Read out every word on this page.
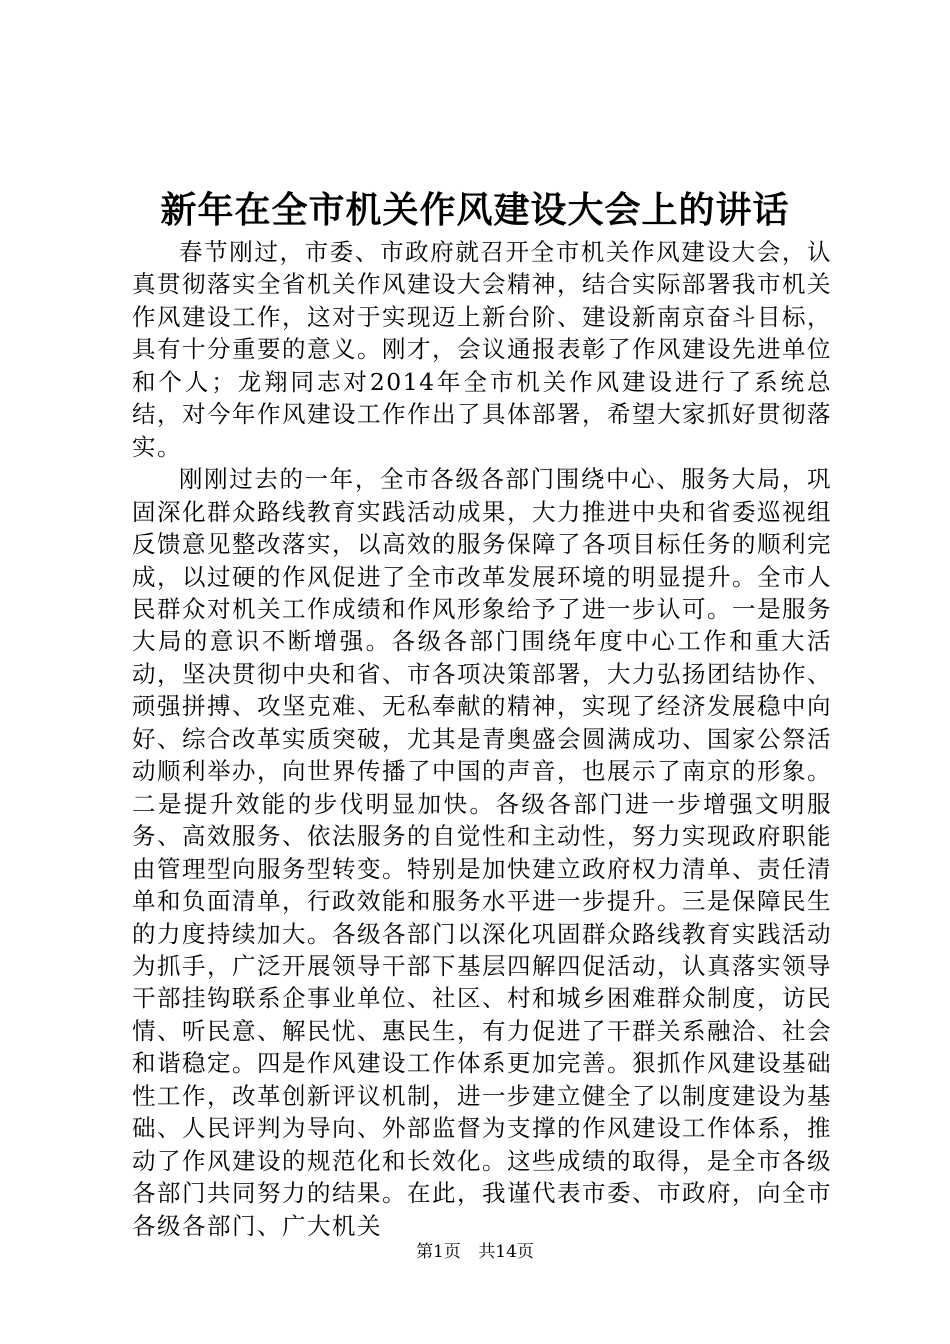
新年在全市机关作风建设大会上的讲话

春节刚过，市委、市政府就召开全市机关作风建设大会，认真贯彻落实全省机关作风建设大会精神，结合实际部署我市机关作风建设工作，这对于实现迈上新台阶、建设新南京奋斗目标，具有十分重要的意义。刚才，会议通报表彰了作风建设先进单位和个人；龙翔同志对2014年全市机关作风建设进行了系统总结，对今年作风建设工作作出了具体部署，希望大家抓好贯彻落实。

刚刚过去的一年，全市各级各部门围绕中心、服务大局，巩固深化群众路线教育实践活动成果，大力推进中央和省委巡视组反馈意见整改落实，以高效的服务保障了各项目标任务的顺利完成，以过硬的作风促进了全市改革发展环境的明显提升。全市人民群众对机关工作成绩和作风形象给予了进一步认可。一是服务大局的意识不断增强。各级各部门围绕年度中心工作和重大活动，坚决贯彻中央和省、市各项决策部署，大力弘扬团结协作、顽强拼搏、攻坚克难、无私奉献的精神，实现了经济发展稳中向好、综合改革实质突破，尤其是青奥盛会圆满成功、国家公祭活动顺利举办，向世界传播了中国的声音，也展示了南京的形象。二是提升效能的步伐明显加快。各级各部门进一步增强文明服务、高效服务、依法服务的自觉性和主动性，努力实现政府职能由管理型向服务型转变。特别是加快建立政府权力清单、责任清单和负面清单，行政效能和服务水平进一步提升。三是保障民生的力度持续加大。各级各部门以深化巩固群众路线教育实践活动为抓手，广泛开展领导干部下基层四解四促活动，认真落实领导干部挂钩联系企事业单位、社区、村和城乡困难群众制度，访民情、听民意、解民忧、惠民生，有力促进了干群关系融洽、社会和谐稳定。四是作风建设工作体系更加完善。狠抓作风建设基础性工作，改革创新评议机制，进一步建立健全了以制度建设为基础、人民评判为导向、外部监督为支撑的作风建设工作体系，推动了作风建设的规范化和长效化。这些成绩的取得，是全市各级各部门共同努力的结果。在此，我谨代表市委、市政府，向全市各级各部门、广大机关

第1页 共14页
